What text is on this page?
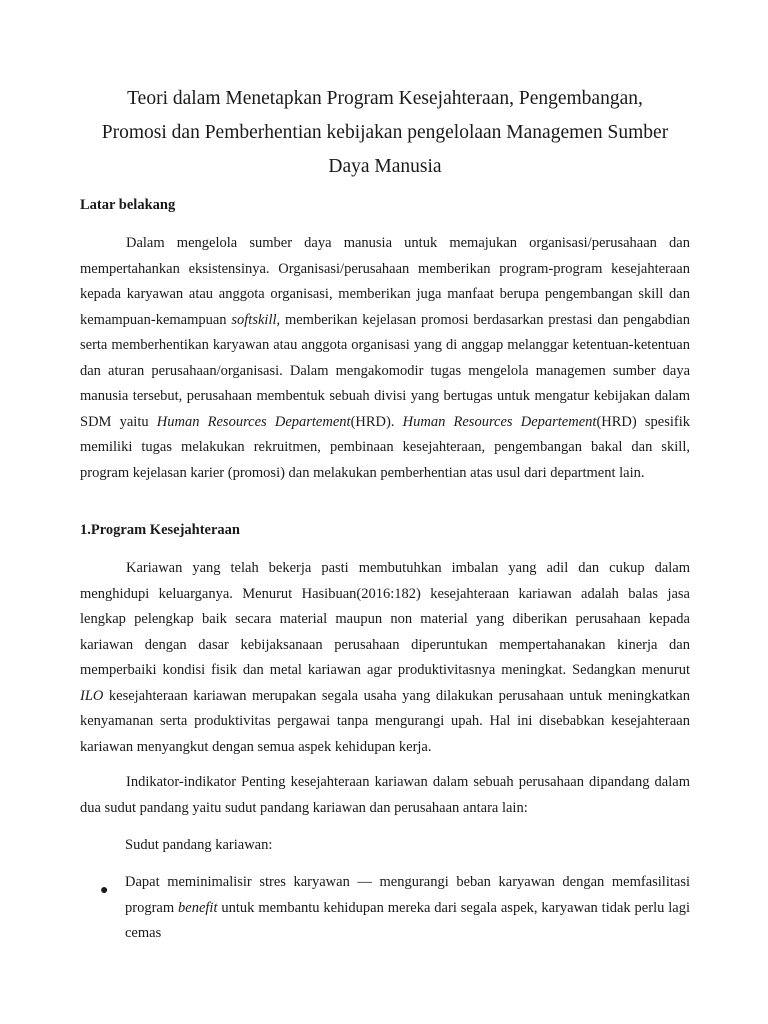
Teori dalam Menetapkan Program Kesejahteraan, Pengembangan,
Promosi dan Pemberhentian kebijakan pengelolaan Managemen Sumber
Daya Manusia
Latar belakang
Dalam mengelola sumber daya manusia untuk memajukan organisasi/perusahaan dan mempertahankan eksistensinya. Organisasi/perusahaan memberikan program-program kesejahteraan kepada karyawan atau anggota organisasi, memberikan juga manfaat berupa pengembangan skill dan kemampuan-kemampuan softskill, memberikan kejelasan promosi berdasarkan prestasi dan pengabdian serta memberhentikan karyawan atau anggota organisasi yang di anggap melanggar ketentuan-ketentuan dan aturan perusahaan/organisasi. Dalam mengakomodir tugas mengelola managemen sumber daya manusia tersebut, perusahaan membentuk sebuah divisi yang bertugas untuk mengatur kebijakan dalam SDM yaitu Human Resources Departement(HRD). Human Resources Departement(HRD) spesifik memiliki tugas melakukan rekruitmen, pembinaan kesejahteraan, pengembangan bakal dan skill, program kejelasan karier (promosi) dan melakukan pemberhentian atas usul dari department lain.
1.Program Kesejahteraan
Kariawan yang telah bekerja pasti membutuhkan imbalan yang adil dan cukup dalam menghidupi keluarganya. Menurut Hasibuan(2016:182) kesejahteraan kariawan adalah balas jasa lengkap pelengkap baik secara material maupun non material yang diberikan perusahaan kepada kariawan dengan dasar kebijaksanaan perusahaan diperuntukan mempertahanakan kinerja dan memperbaiki kondisi fisik dan metal kariawan agar produktivitasnya meningkat. Sedangkan menurut ILO kesejahteraan kariawan merupakan segala usaha yang dilakukan perusahaan untuk meningkatkan kenyamanan serta produktivitas pergawai tanpa mengurangi upah. Hal ini disebabkan kesejahteraan kariawan menyangkut dengan semua aspek kehidupan kerja.
Indikator-indikator Penting kesejahteraan kariawan dalam sebuah perusahaan dipandang dalam dua sudut pandang yaitu sudut pandang kariawan dan perusahaan antara lain:
Sudut pandang kariawan:
●
Dapat meminimalisir stres karyawan — mengurangi beban karyawan dengan memfasilitasi program benefit untuk membantu kehidupan mereka dari segala aspek, karyawan tidak perlu lagi cemas
